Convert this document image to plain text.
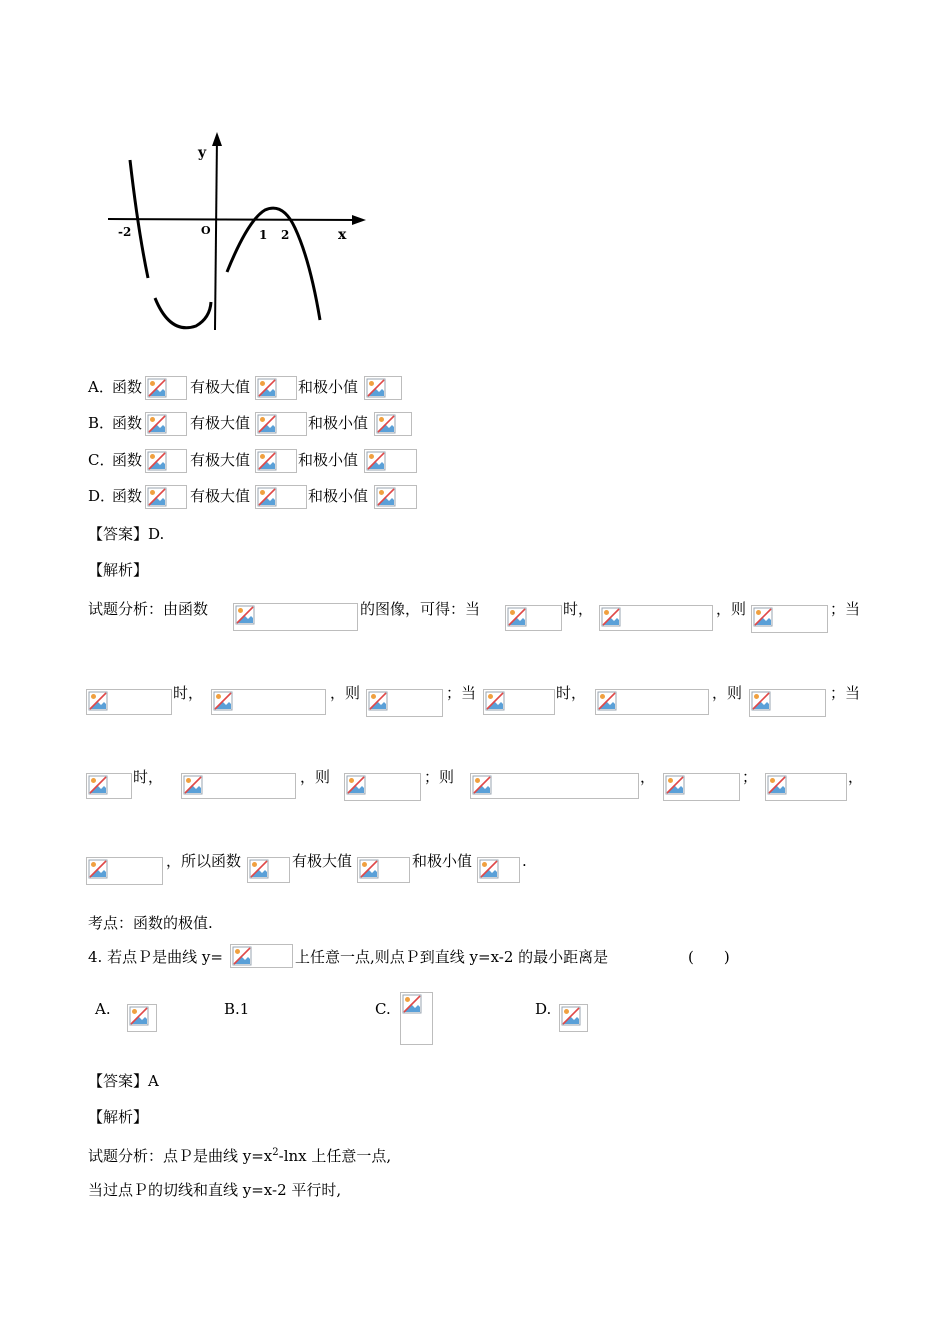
y
x
O
-2	1 2
A．
函数	有极大值	和极小值
B．
函数	有极大值	和极小值
C．
函数	有极大值	和极小值
D．
函数	有极大值	和极小值
【答案】D.
【解析】
试题分析：由函数	的图像，可得：当	时，	，则	；当
时，	，则	；当	时，	，则	；当
时，	，则	；则	，	；	，
，所以函数	有极大值	和极小值	.
考点：函数的极值.
4. 若点Ｐ是曲线 y=	上任意一点,则点Ｐ到直线 y=x-2 的最小距离是	(　　)
A.	B.1	C.	D.
【答案】A
【解析】
试题分析：点Ｐ是曲线 $y=x^2$-lnx 上任意一点,
当过点Ｐ的切线和直线 y=x-2 平行时,
